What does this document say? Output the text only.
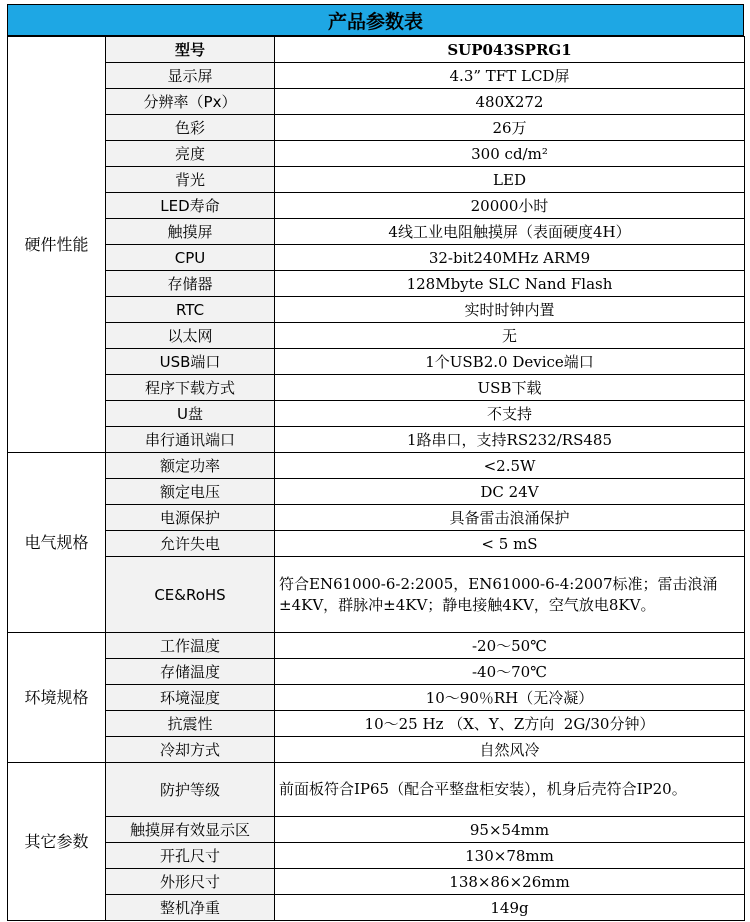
产品参数表
硬件性能	型号	SUP043SPRG1
	显示屏	4.3” TFT LCD屏
	分辨率（Px）	480X272
	色彩	26万
	亮度	300 cd/m²
	背光	LED
	LED寿命	20000小时
	触摸屏	4线工业电阻触摸屏（表面硬度4H）
	CPU	32-bit240MHz ARM9
	存储器	128Mbyte SLC Nand Flash
	RTC	实时时钟内置
	以太网	无
	USB端口	1个USB2.0 Device端口
	程序下载方式	USB下载
	U盘	不支持
	串行通讯端口	1路串口，支持RS232/RS485
电气规格	额定功率	<2.5W
	额定电压	DC 24V
	电源保护	具备雷击浪涌保护
	允许失电	< 5 mS
	CE&RoHS	符合EN61000-6-2:2005，EN61000-6-4:2007标准；雷击浪涌±4KV，群脉冲±4KV；静电接触4KV，空气放电8KV。
环境规格	工作温度	-20～50℃
	存储温度	-40～70℃
	环境湿度	10～90％RH（无冷凝）
	抗震性	10～25 Hz （X、Y、Z方向  2G/30分钟）
	冷却方式	自然风冷
其它参数	防护等级	前面板符合IP65（配合平整盘柜安装），机身后壳符合IP20。
	触摸屏有效显示区	95×54mm
	开孔尺寸	130×78mm
	外形尺寸	138×86×26mm
	整机净重	149g
